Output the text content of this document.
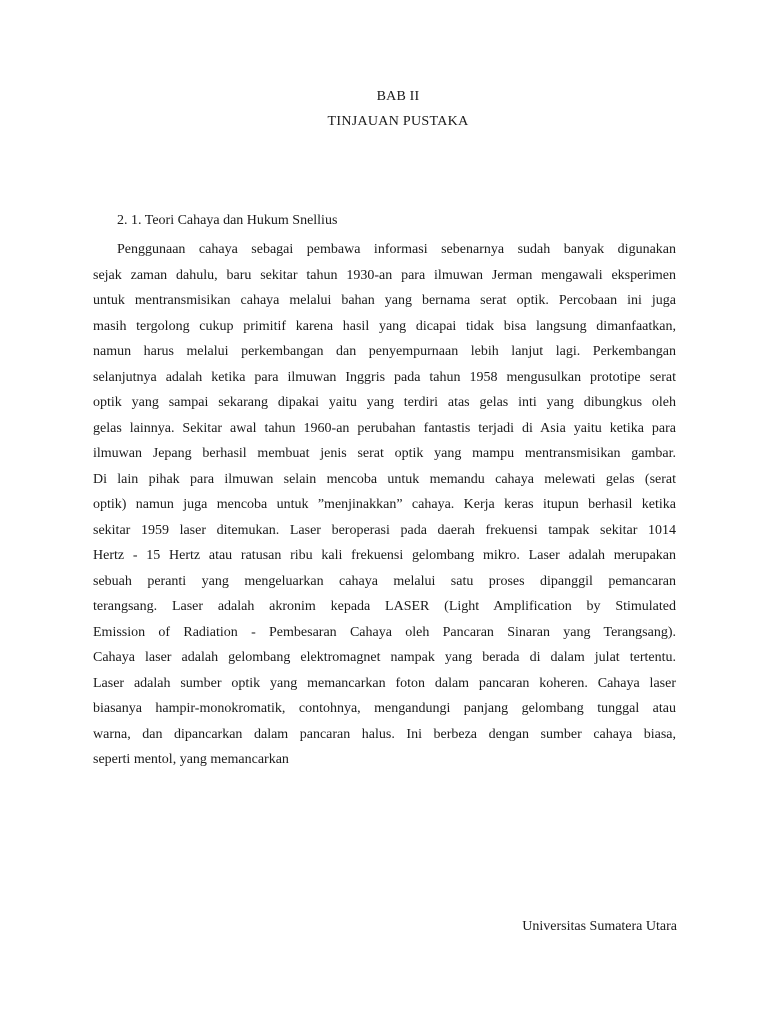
BAB II
TINJAUAN PUSTAKA
2. 1. Teori Cahaya dan Hukum Snellius
Penggunaan cahaya sebagai pembawa informasi sebenarnya sudah banyak digunakan
sejak zaman dahulu, baru sekitar tahun 1930-an para ilmuwan Jerman mengawali eksperimen
untuk mentransmisikan cahaya melalui bahan yang bernama serat optik. Percobaan ini juga
masih tergolong cukup primitif karena hasil yang dicapai tidak bisa langsung dimanfaatkan,
namun harus melalui perkembangan dan penyempurnaan lebih lanjut lagi. Perkembangan
selanjutnya adalah ketika para ilmuwan Inggris pada tahun 1958 mengusulkan prototipe serat
optik yang sampai sekarang dipakai yaitu yang terdiri atas gelas inti yang dibungkus oleh
gelas lainnya. Sekitar awal tahun 1960-an perubahan fantastis terjadi di Asia yaitu ketika para
ilmuwan Jepang berhasil membuat jenis serat optik yang mampu mentransmisikan gambar.
Di lain pihak para ilmuwan selain mencoba untuk memandu cahaya melewati gelas (serat
optik) namun juga mencoba untuk ”menjinakkan” cahaya. Kerja keras itupun berhasil ketika
sekitar 1959 laser ditemukan. Laser beroperasi pada daerah frekuensi tampak sekitar 1014
Hertz - 15 Hertz atau ratusan ribu kali frekuensi gelombang mikro. Laser adalah merupakan
sebuah peranti yang mengeluarkan cahaya melalui satu proses dipanggil pemancaran
terangsang. Laser adalah akronim kepada LASER (Light Amplification by Stimulated
Emission of Radiation - Pembesaran Cahaya oleh Pancaran Sinaran yang Terangsang).
Cahaya laser adalah gelombang elektromagnet nampak yang berada di dalam julat tertentu.
Laser adalah sumber optik yang memancarkan foton dalam pancaran koheren. Cahaya laser
biasanya hampir-monokromatik, contohnya, mengandungi panjang gelombang tunggal atau
warna, dan dipancarkan dalam pancaran halus. Ini berbeza dengan sumber cahaya biasa,
seperti mentol, yang memancarkan
Universitas Sumatera Utara
